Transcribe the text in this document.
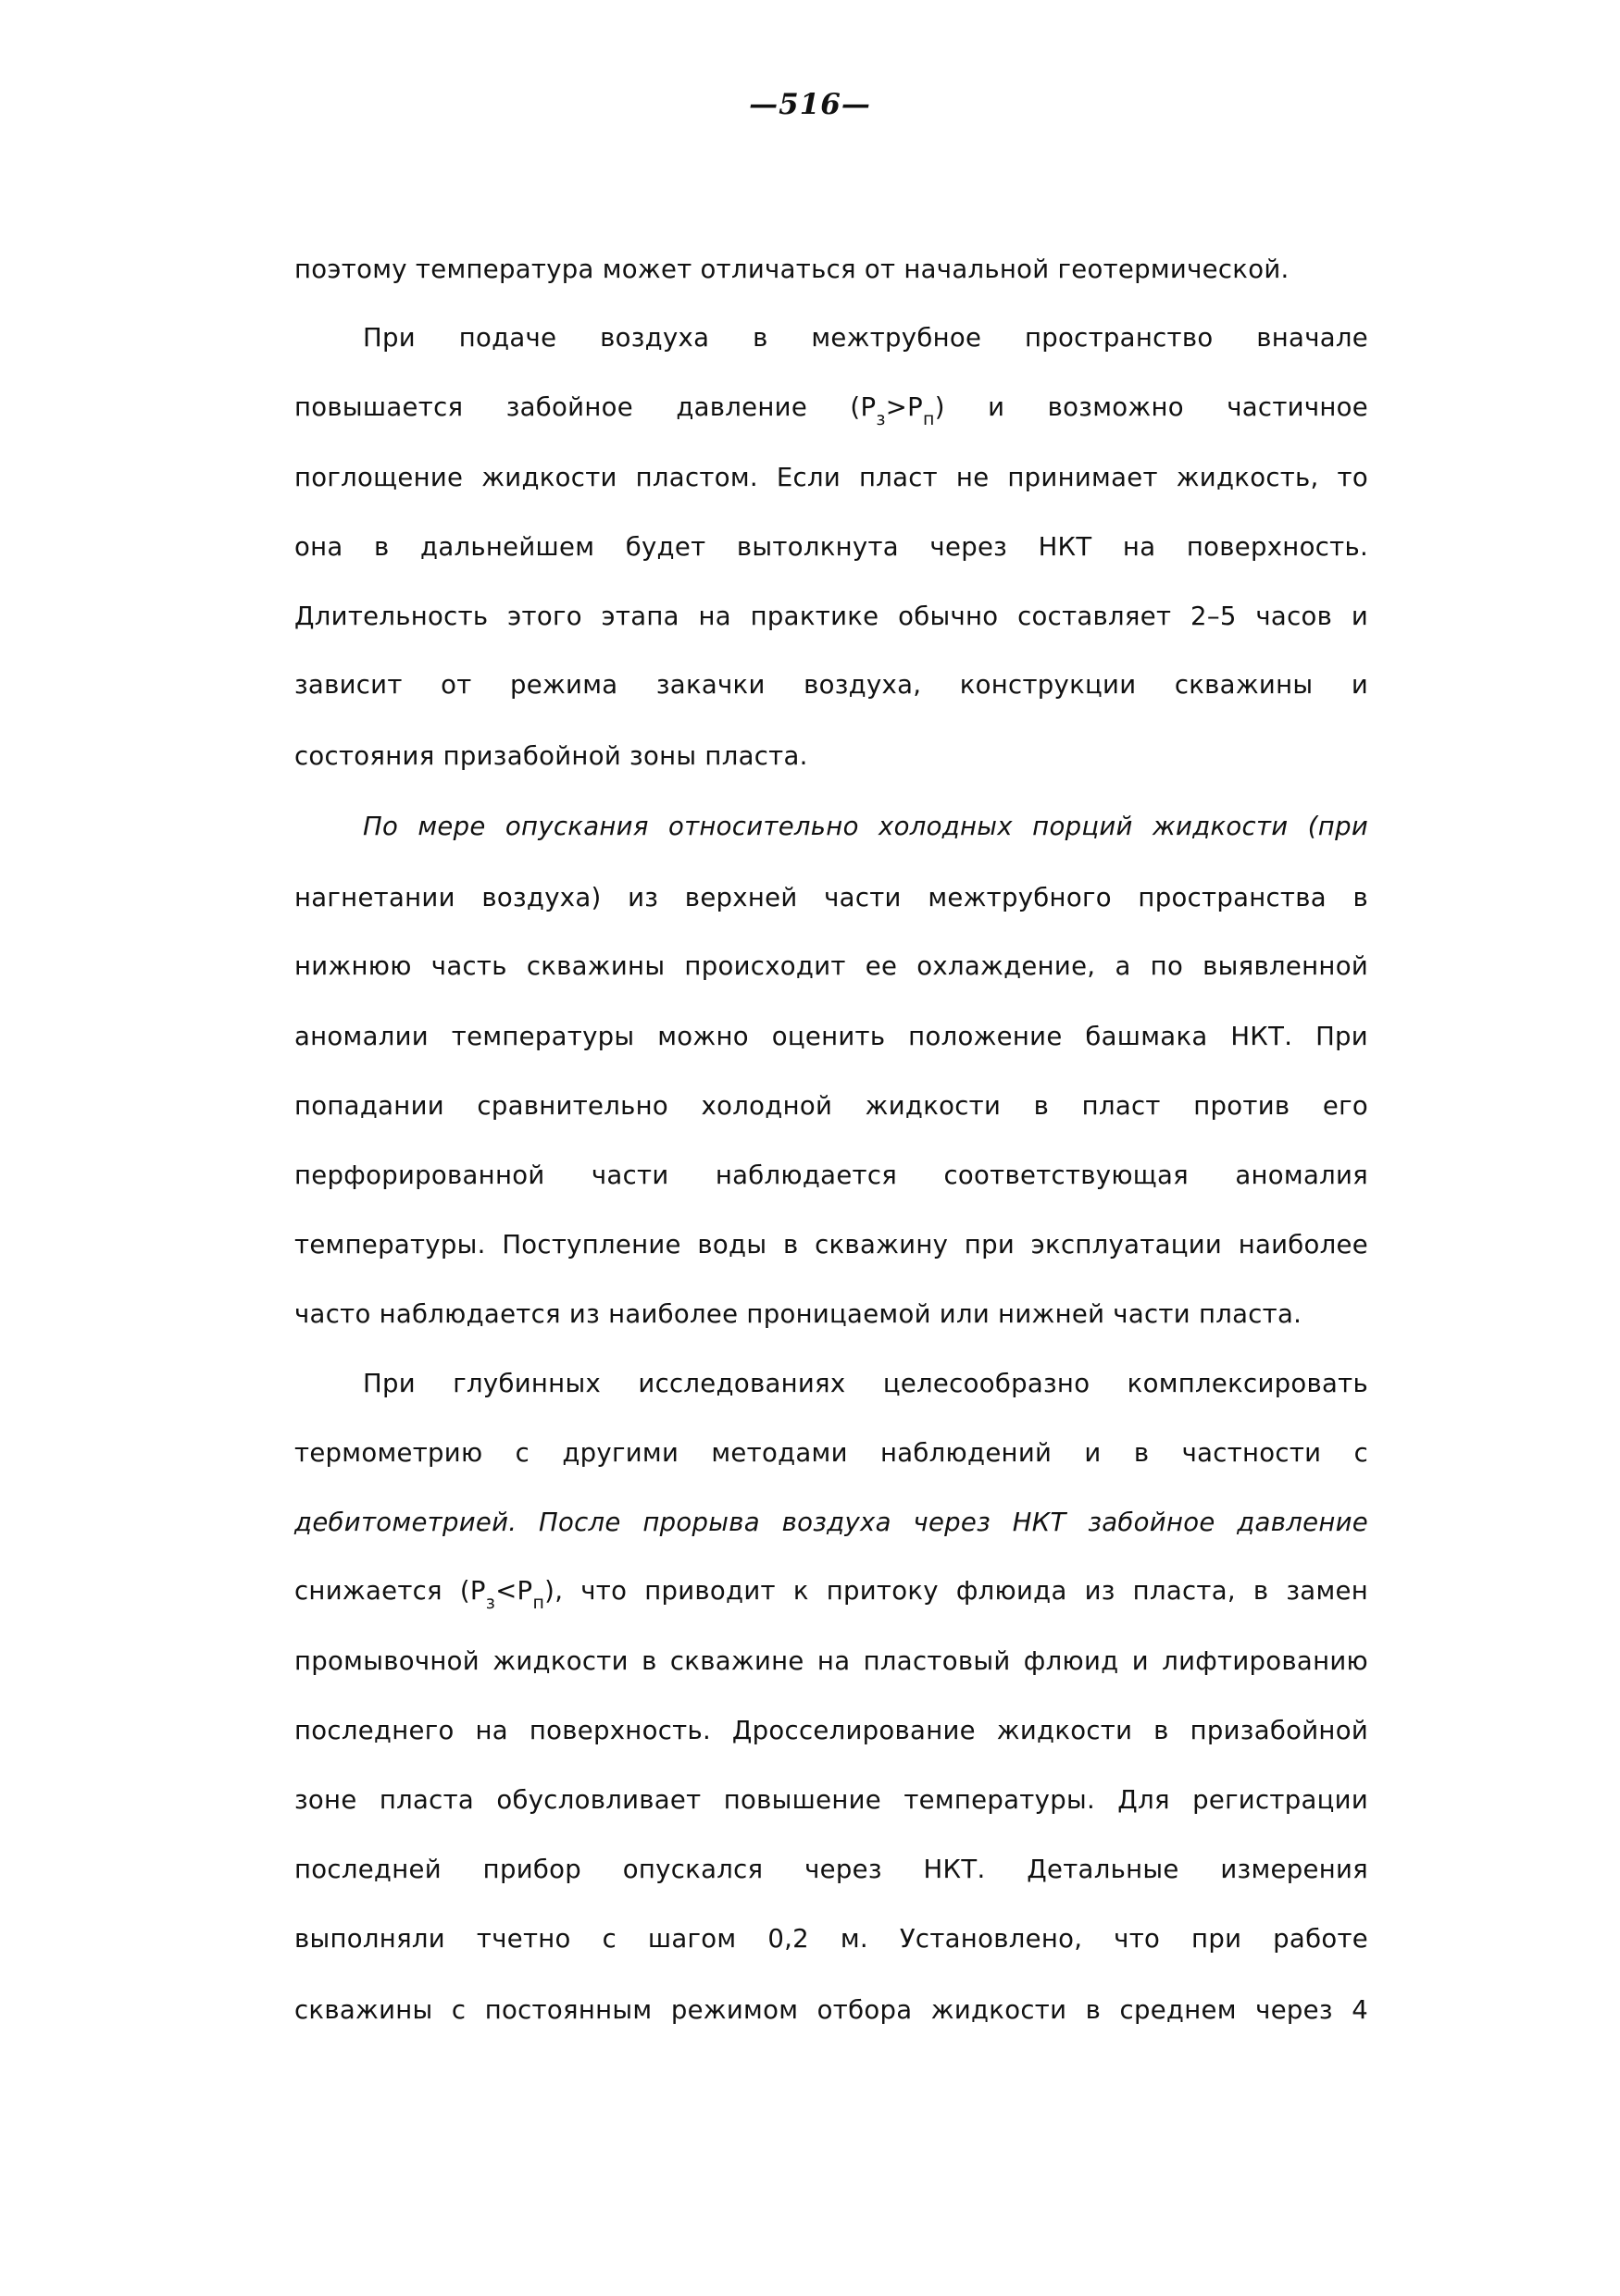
—516—
поэтому температура может отличаться от начальной геотермической.
При подаче воздуха в межтрубное пространство вначале
повышается забойное давление $(P_з>P_п)$ и возможно частичное
поглощение жидкости пластом. Если пласт не принимает жидкость, то
она в дальнейшем будет вытолкнута через НКТ на поверхность.
Длительность этого этапа на практике обычно составляет 2–5 часов и
зависит от режима закачки воздуха, конструкции скважины и
состояния призабойной зоны пласта.
По мере опускания относительно холодных порций жидкости (при
нагнетании воздуха) из верхней части межтрубного пространства в
нижнюю часть скважины происходит ее охлаждение, а по выявленной
аномалии температуры можно оценить положение башмака НКТ. При
попадании сравнительно холодной жидкости в пласт против его
перфорированной части наблюдается соответствующая аномалия
температуры. Поступление воды в скважину при эксплуатации наиболее
часто наблюдается из наиболее проницаемой или нижней части пласта.
При глубинных исследованиях целесообразно комплексировать
термометрию с другими методами наблюдений и в частности с
дебитометрией. После прорыва воздуха через НКТ забойное давление
снижается $(P_з<P_п)$, что приводит к притоку флюида из пласта, в замен
промывочной жидкости в скважине на пластовый флюид и лифтированию
последнего на поверхность. Дросселирование жидкости в призабойной
зоне пласта обусловливает повышение температуры. Для регистрации
последней прибор опускался через НКТ. Детальные измерения
выполняли тчетно с шагом 0,2 м. Установлено, что при работе
скважины с постоянным режимом отбора жидкости в среднем через 4
